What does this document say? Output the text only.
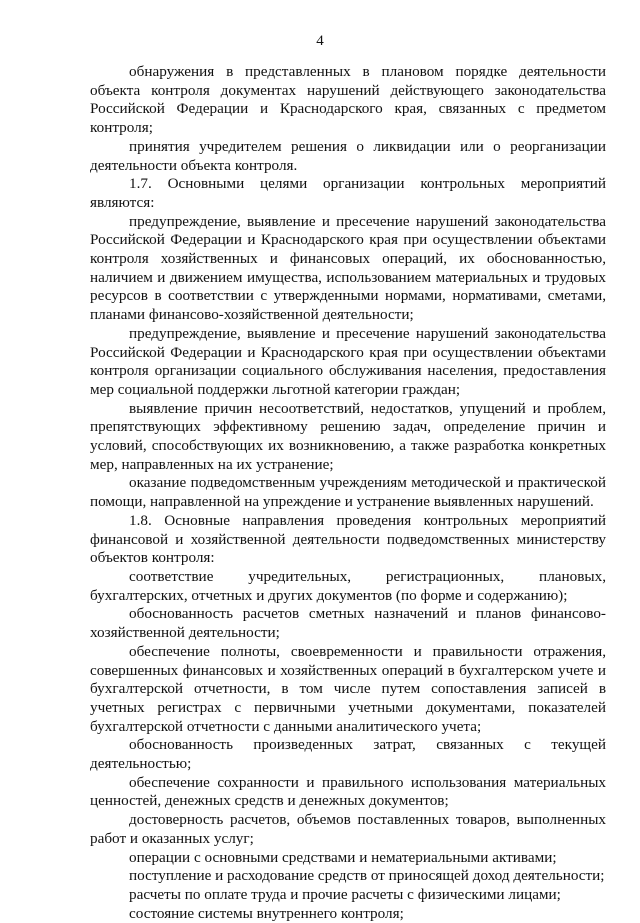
4

обнаружения в представленных в плановом порядке деятельности объекта контроля документах нарушений действующего законодательства Российской Федерации и Краснодарского края, связанных с предметом контроля;

принятия учредителем решения о ликвидации или о реорганизации деятельности объекта контроля.

1.7. Основными целями организации контрольных мероприятий являются:

предупреждение, выявление и пресечение нарушений законодательства Российской Федерации и Краснодарского края при осуществлении объектами контроля хозяйственных и финансовых операций, их обоснованностью, наличием и движением имущества, использованием материальных и трудовых ресурсов в соответствии с утвержденными нормами, нормативами, сметами, планами финансово-хозяйственной деятельности;

предупреждение, выявление и пресечение нарушений законодательства Российской Федерации и Краснодарского края при осуществлении объектами контроля организации социального обслуживания населения, предоставления мер социальной поддержки льготной категории граждан;

выявление причин несоответствий, недостатков, упущений и проблем, препятствующих эффективному решению задач, определение причин и условий, способствующих их возникновению, а также разработка конкретных мер, направленных на их устранение;

оказание подведомственным учреждениям методической и практической помощи, направленной на упреждение и устранение выявленных нарушений.

1.8. Основные направления проведения контрольных мероприятий финансовой и хозяйственной деятельности подведомственных министерству объектов контроля:

соответствие учредительных, регистрационных, плановых, бухгалтерских, отчетных и других документов (по форме и содержанию);

обоснованность расчетов сметных назначений и планов финансово-хозяйственной деятельности;

обеспечение полноты, своевременности и правильности отражения, совершенных финансовых и хозяйственных операций в бухгалтерском учете и бухгалтерской отчетности, в том числе путем сопоставления записей в учетных регистрах с первичными учетными документами, показателей бухгалтерской отчетности с данными аналитического учета;

обоснованность произведенных затрат, связанных с текущей деятельностью;

обеспечение сохранности и правильного использования материальных ценностей, денежных средств и денежных документов;

достоверность расчетов, объемов поставленных товаров, выполненных работ и оказанных услуг;

операции с основными средствами и нематериальными активами;

поступление и расходование средств от приносящей доход деятельности;

расчеты по оплате труда и прочие расчеты с физическими лицами;

состояние системы внутреннего контроля;
